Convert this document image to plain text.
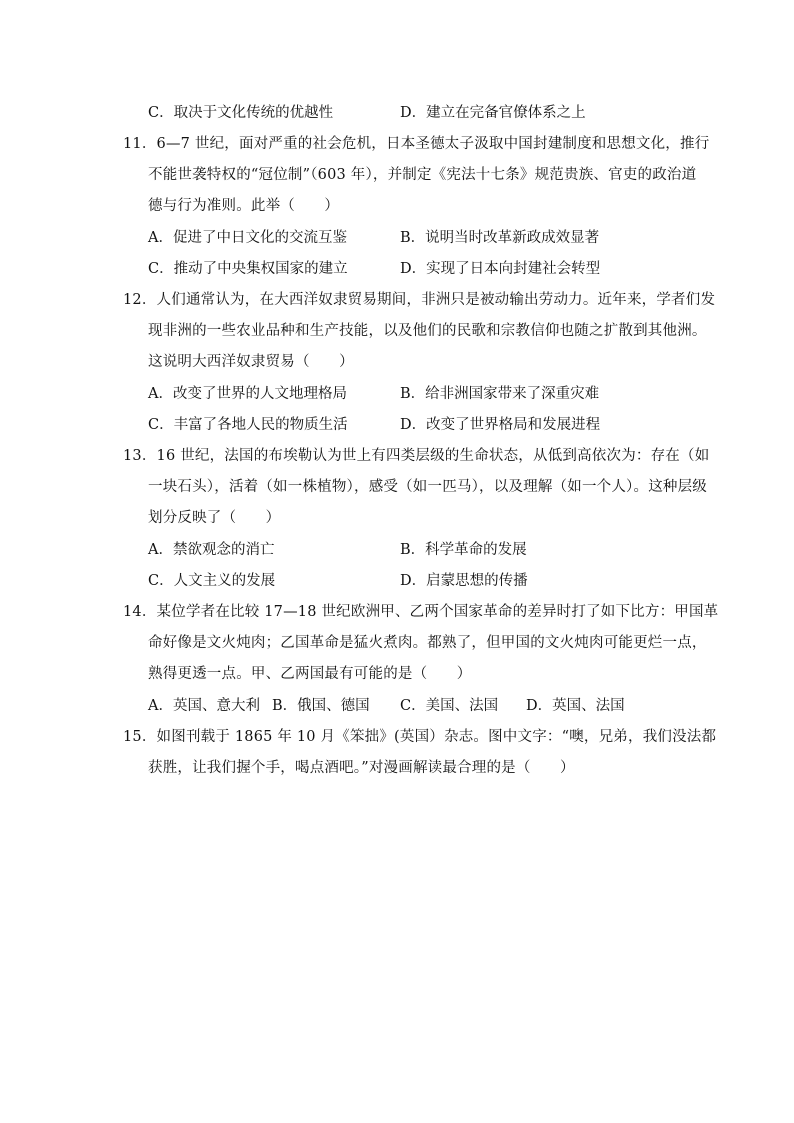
C．取决于文化传统的优越性	D．建立在完备官僚体系之上
11．6—7 世纪，面对严重的社会危机，日本圣德太子汲取中国封建制度和思想文化，推行
不能世袭特权的“冠位制”（603 年），并制定《宪法十七条》规范贵族、官吏的政治道
德与行为准则。此举（　　）
A．促进了中日文化的交流互鉴	B．说明当时改革新政成效显著
C．推动了中央集权国家的建立	D．实现了日本向封建社会转型
12．人们通常认为，在大西洋奴隶贸易期间，非洲只是被动输出劳动力。近年来，学者们发
现非洲的一些农业品种和生产技能，以及他们的民歌和宗教信仰也随之扩散到其他洲。
这说明大西洋奴隶贸易（　　）
A．改变了世界的人文地理格局	B．给非洲国家带来了深重灾难
C．丰富了各地人民的物质生活	D．改变了世界格局和发展进程
13．16 世纪，法国的布埃勒认为世上有四类层级的生命状态，从低到高依次为：存在（如
一块石头），活着（如一株植物），感受（如一匹马），以及理解（如一个人）。这种层级
划分反映了（　　）
A．禁欲观念的消亡	B．科学革命的发展
C．人文主义的发展	D．启蒙思想的传播
14．某位学者在比较 17—18 世纪欧洲甲、乙两个国家革命的差异时打了如下比方：甲国革
命好像是文火炖肉；乙国革命是猛火煮肉。都熟了，但甲国的文火炖肉可能更烂一点，
熟得更透一点。甲、乙两国最有可能的是（　　）
A．英国、意大利 B．俄国、德国 C．美国、法国 D．英国、法国
15．如图刊载于 1865 年 10 月《笨拙》(英国）杂志。图中文字：“噢，兄弟，我们没法都
获胜，让我们握个手，喝点酒吧。”对漫画解读最合理的是（　　）
